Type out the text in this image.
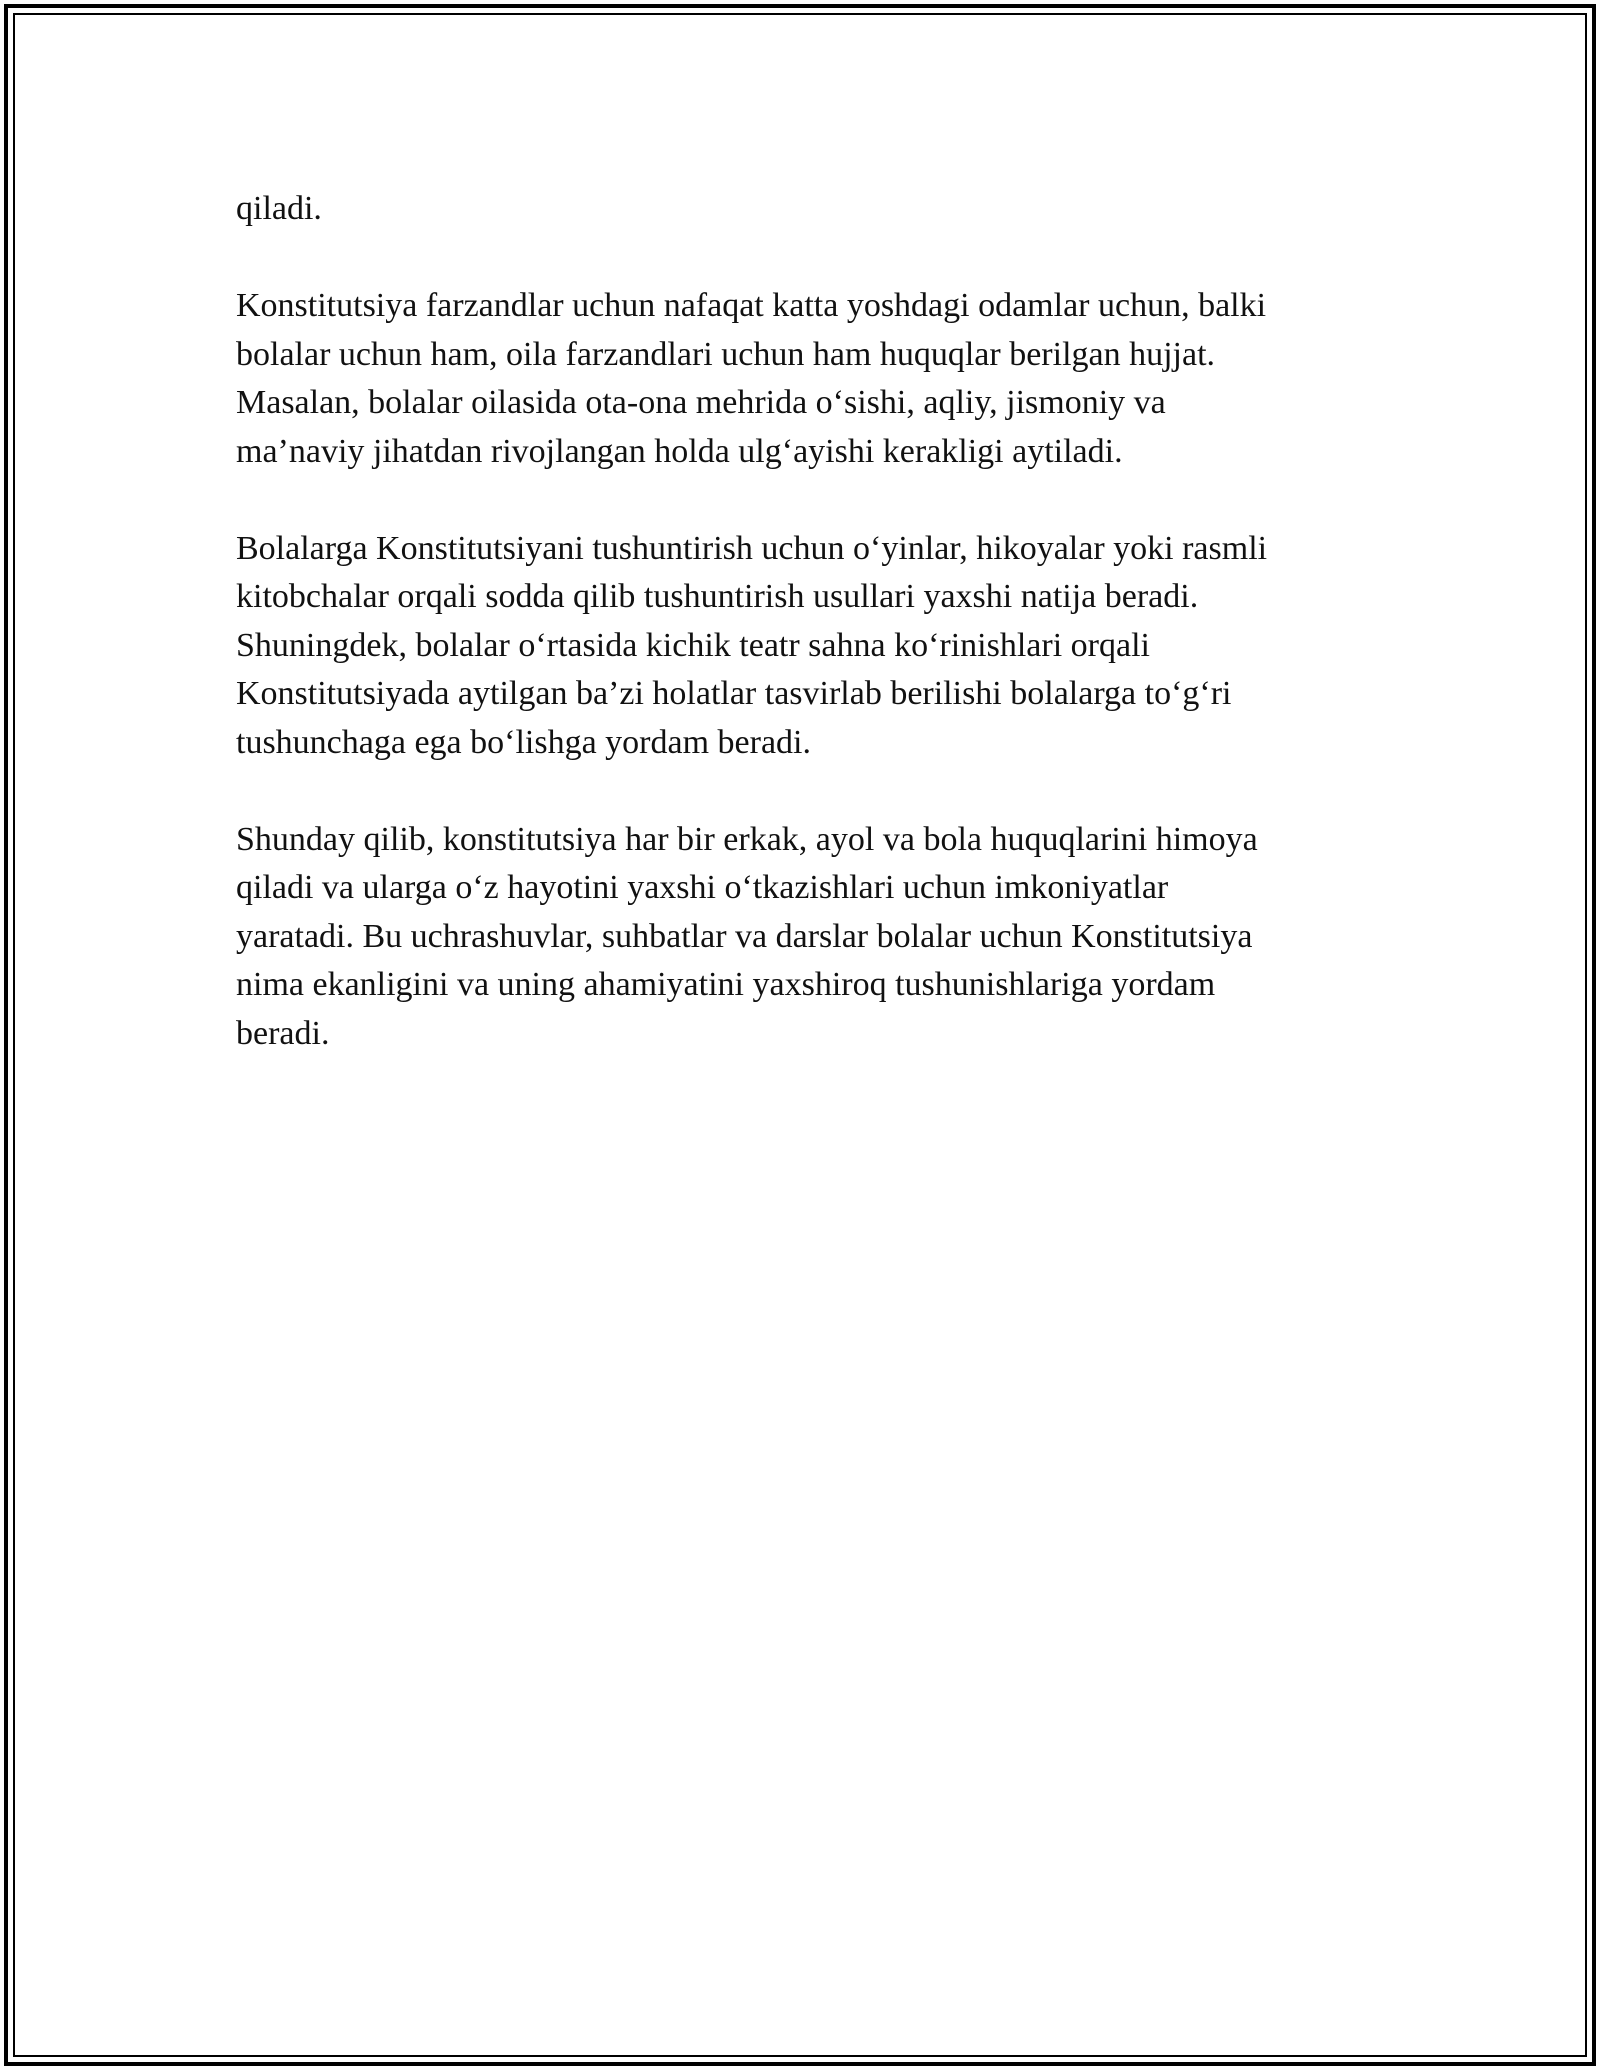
qiladi.

Konstitutsiya farzandlar uchun nafaqat katta yoshdagi odamlar uchun, balki
bolalar uchun ham, oila farzandlari uchun ham huquqlar berilgan hujjat.
Masalan, bolalar oilasida ota-ona mehrida o‘sishi, aqliy, jismoniy va
ma’naviy jihatdan rivojlangan holda ulg‘ayishi kerakligi aytiladi.

Bolalarga Konstitutsiyani tushuntirish uchun o‘yinlar, hikoyalar yoki rasmli
kitobchalar orqali sodda qilib tushuntirish usullari yaxshi natija beradi.
Shuningdek, bolalar o‘rtasida kichik teatr sahna ko‘rinishlari orqali
Konstitutsiyada aytilgan ba’zi holatlar tasvirlab berilishi bolalarga to‘g‘ri
tushunchaga ega bo‘lishga yordam beradi.

Shunday qilib, konstitutsiya har bir erkak, ayol va bola huquqlarini himoya
qiladi va ularga o‘z hayotini yaxshi o‘tkazishlari uchun imkoniyatlar
yaratadi. Bu uchrashuvlar, suhbatlar va darslar bolalar uchun Konstitutsiya
nima ekanligini va uning ahamiyatini yaxshiroq tushunishlariga yordam
beradi.
